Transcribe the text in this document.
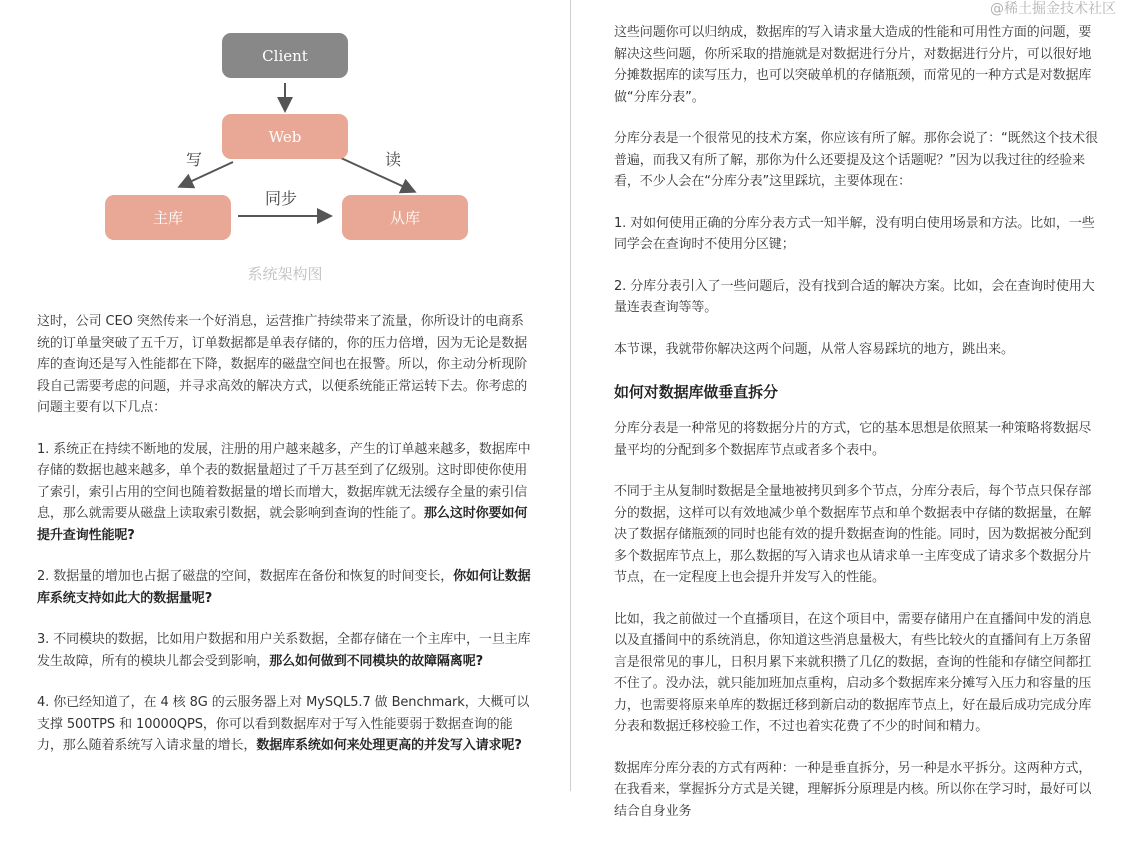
Client
Web
主库	从库
写	读
同步
系统架构图

这时，公司 CEO 突然传来一个好消息，运营推广持续带来了流量，你所设计的电商系统的订单量突破了五千万，订单数据都是单表存储的，你的压力倍增，因为无论是数据库的查询还是写入性能都在下降，数据库的磁盘空间也在报警。所以，你主动分析现阶段自己需要考虑的问题，并寻求高效的解决方式，以便系统能正常运转下去。你考虑的问题主要有以下几点：

1. 系统正在持续不断地的发展，注册的用户越来越多，产生的订单越来越多，数据库中存储的数据也越来越多，单个表的数据量超过了千万甚至到了亿级别。这时即使你使用了索引，索引占用的空间也随着数据量的增长而增大，数据库就无法缓存全量的索引信息，那么就需要从磁盘上读取索引数据，就会影响到查询的性能了。那么这时你要如何提升查询性能呢?

2. 数据量的增加也占据了磁盘的空间，数据库在备份和恢复的时间变长，你如何让数据库系统支持如此大的数据量呢?

3. 不同模块的数据，比如用户数据和用户关系数据，全都存储在一个主库中，一旦主库发生故障，所有的模块儿都会受到影响，那么如何做到不同模块的故障隔离呢?

4. 你已经知道了，在 4 核 8G 的云服务器上对 MySQL5.7 做 Benchmark，大概可以支撑 500TPS 和 10000QPS，你可以看到数据库对于写入性能要弱于数据查询的能力，那么随着系统写入请求量的增长，数据库系统如何来处理更高的并发写入请求呢?

这些问题你可以归纳成，数据库的写入请求量大造成的性能和可用性方面的问题，要解决这些问题，你所采取的措施就是对数据进行分片，对数据进行分片，可以很好地分摊数据库的读写压力，也可以突破单机的存储瓶颈，而常见的一种方式是对数据库做“分库分表”。

分库分表是一个很常见的技术方案，你应该有所了解。那你会说了：“既然这个技术很普遍，而我又有所了解，那你为什么还要提及这个话题呢？”因为以我过往的经验来看，不少人会在“分库分表”这里踩坑，主要体现在：

1. 对如何使用正确的分库分表方式一知半解，没有明白使用场景和方法。比如，一些同学会在查询时不使用分区键；

2. 分库分表引入了一些问题后，没有找到合适的解决方案。比如，会在查询时使用大量连表查询等等。

本节课，我就带你解决这两个问题，从常人容易踩坑的地方，跳出来。

如何对数据库做垂直拆分

分库分表是一种常见的将数据分片的方式，它的基本思想是依照某一种策略将数据尽量平均的分配到多个数据库节点或者多个表中。

不同于主从复制时数据是全量地被拷贝到多个节点，分库分表后，每个节点只保存部分的数据，这样可以有效地减少单个数据库节点和单个数据表中存储的数据量，在解决了数据存储瓶颈的同时也能有效的提升数据查询的性能。同时，因为数据被分配到多个数据库节点上，那么数据的写入请求也从请求单一主库变成了请求多个数据分片节点，在一定程度上也会提升并发写入的性能。

比如，我之前做过一个直播项目，在这个项目中，需要存储用户在直播间中发的消息以及直播间中的系统消息，你知道这些消息量极大，有些比较火的直播间有上万条留言是很常见的事儿，日积月累下来就积攒了几亿的数据，查询的性能和存储空间都扛不住了。没办法，就只能加班加点重构，启动多个数据库来分摊写入压力和容量的压力，也需要将原来单库的数据迁移到新启动的数据库节点上，好在最后成功完成分库分表和数据迁移校验工作，不过也着实花费了不少的时间和精力。

数据库分库分表的方式有两种：一种是垂直拆分，另一种是水平拆分。这两种方式，在我看来，掌握拆分方式是关键，理解拆分原理是内核。所以你在学习时，最好可以结合自身业务

@稀土掘金技术社区
